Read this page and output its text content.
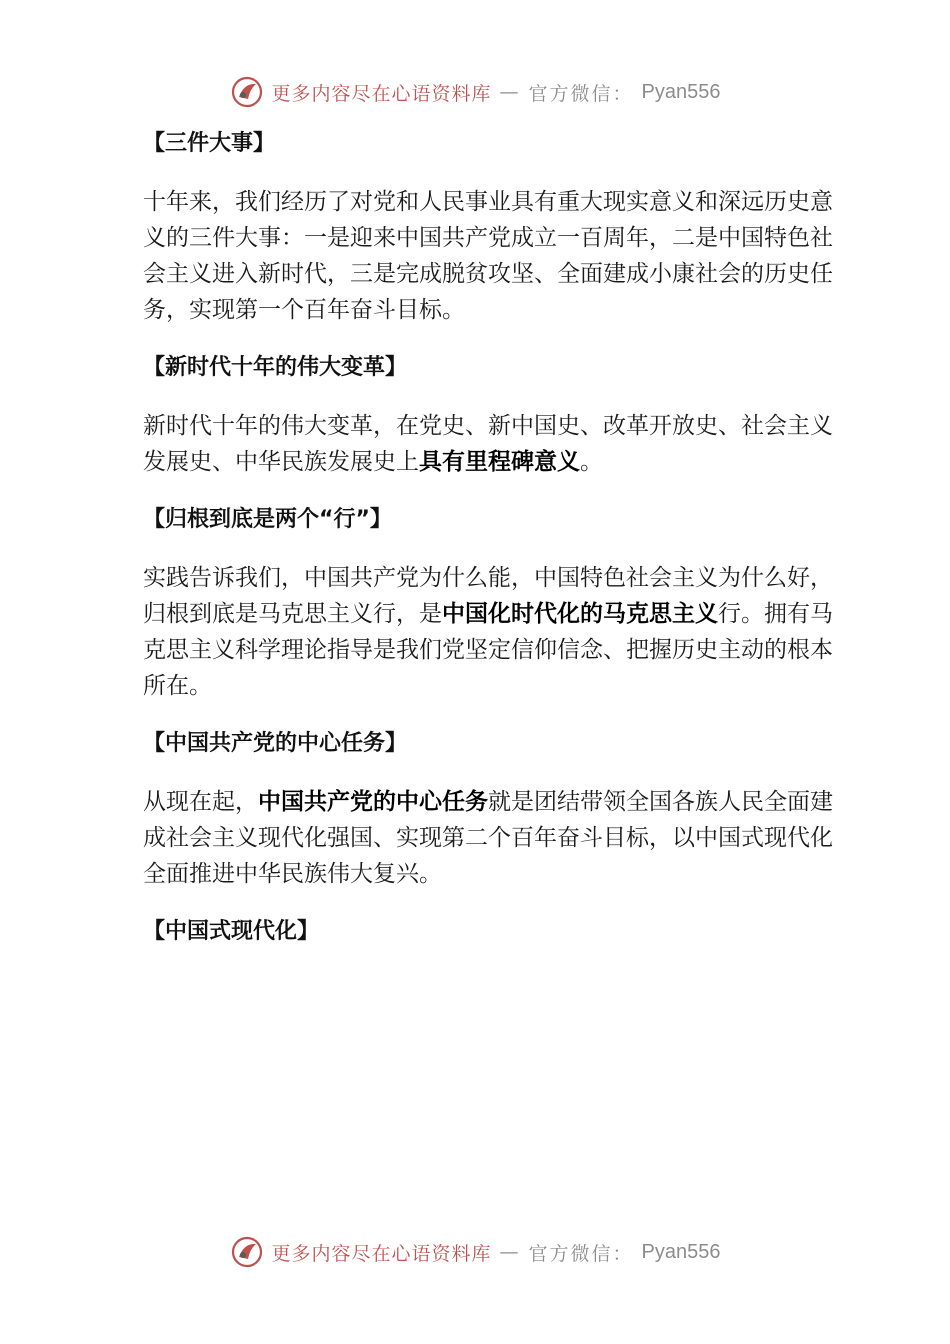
更多内容尽在心语资料库 — 官方微信： Pyan556
【三件大事】
十年来，我们经历了对党和人民事业具有重大现实意义和深远历史意义的三件大事：一是迎来中国共产党成立一百周年，二是中国特色社会主义进入新时代，三是完成脱贫攻坚、全面建成小康社会的历史任务，实现第一个百年奋斗目标。
【新时代十年的伟大变革】
新时代十年的伟大变革，在党史、新中国史、改革开放史、社会主义发展史、中华民族发展史上具有里程碑意义。
【归根到底是两个“行”】
实践告诉我们，中国共产党为什么能，中国特色社会主义为什么好，归根到底是马克思主义行，是中国化时代化的马克思主义行。拥有马克思主义科学理论指导是我们党坚定信仰信念、把握历史主动的根本所在。
【中国共产党的中心任务】
从现在起，中国共产党的中心任务就是团结带领全国各族人民全面建成社会主义现代化强国、实现第二个百年奋斗目标，以中国式现代化全面推进中华民族伟大复兴。
【中国式现代化】
更多内容尽在心语资料库 — 官方微信： Pyan556
